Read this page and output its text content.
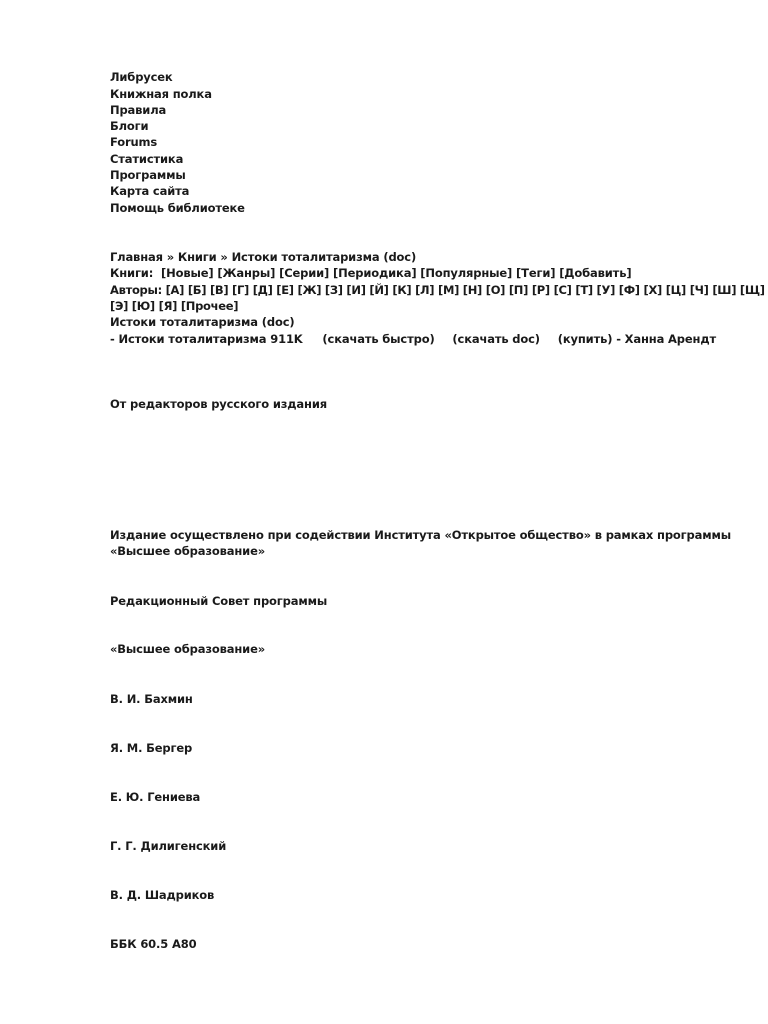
Либрусек
Книжная полка
Правила
Блоги
Forums
Статистика
Программы
Карта сайта
Помощь библиотеке
Главная » Книги » Истоки тоталитаризма (doc)
Книги: [Новые] [Жанры] [Серии] [Периодика] [Популярные] [Теги] [Добавить]
Авторы: [А] [Б] [В] [Г] [Д] [Е] [Ж] [З] [И] [Й] [К] [Л] [М] [Н] [О] [П] [Р] [С] [Т] [У] [Ф] [Х] [Ц] [Ч] [Ш] [Щ]
[Э] [Ю] [Я] [Прочее]
Истоки тоталитаризма (doc)
- Истоки тоталитаризма 911K (скачать быстро) (скачать doc) (купить) - Ханна Арендт
От редакторов русского издания
Издание осуществлено при содействии Института «Открытое общество» в рамках программы
«Высшее образование»
Редакционный Совет программы
«Высшее образование»
В. И. Бахмин
Я. М. Бергер
Е. Ю. Гениева
Г. Г. Дилигенский
В. Д. Шадриков
ББК 60.5 А80
